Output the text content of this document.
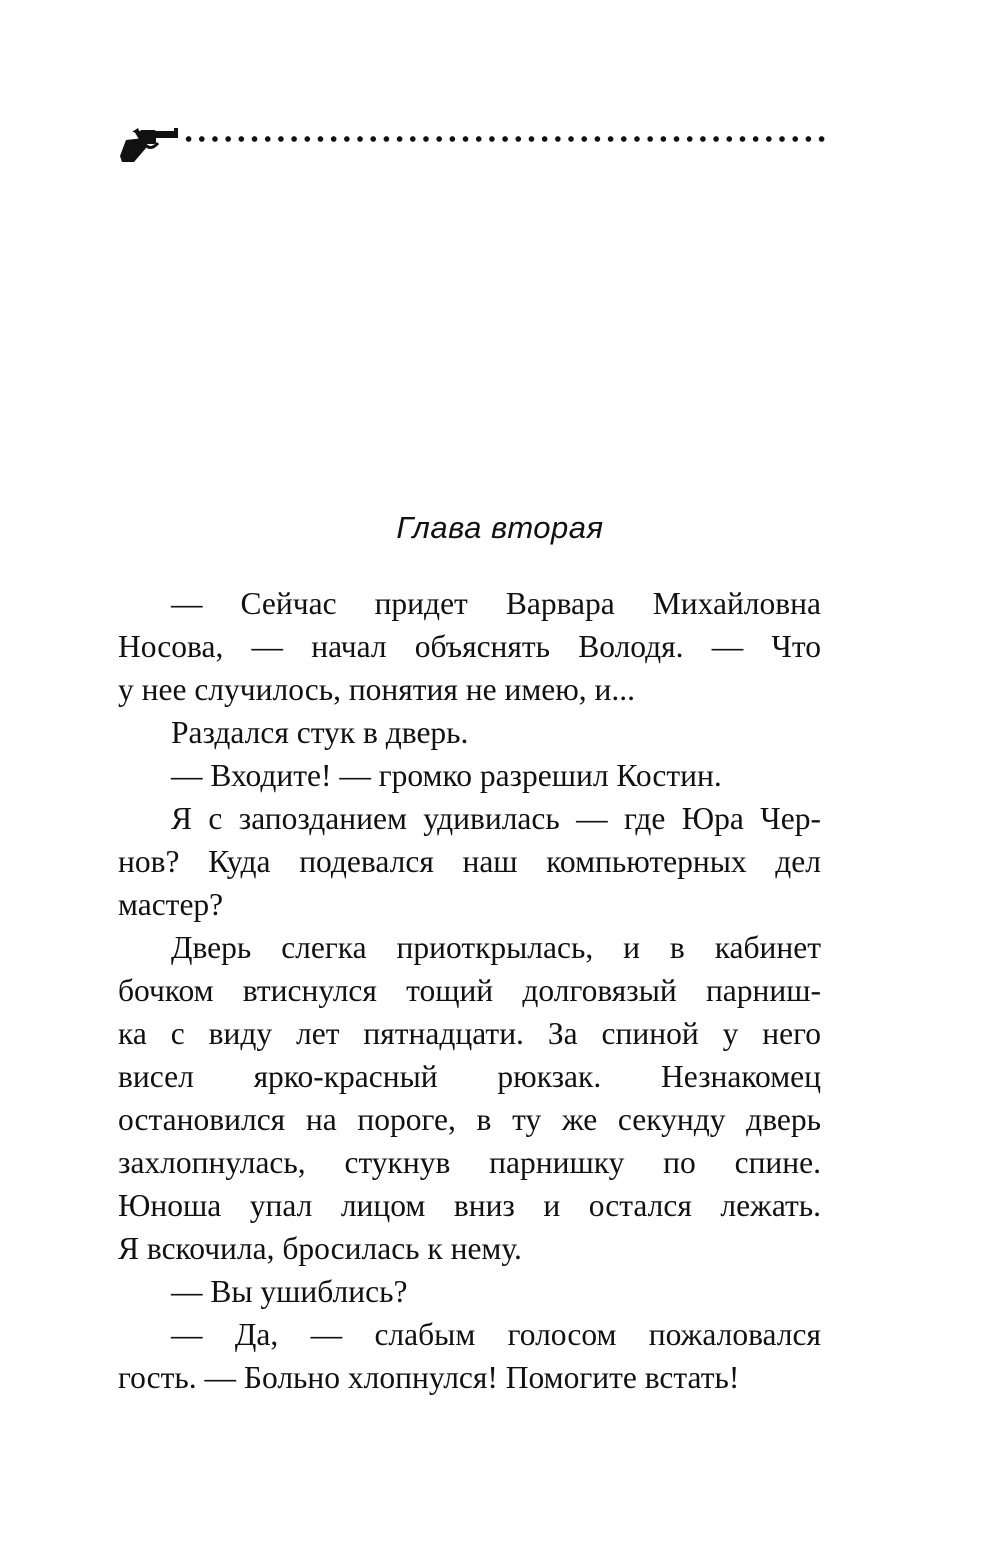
Глава вторая
— Сейчас придет Варвара Михайловна
Носова, — начал объяснять Володя. — Что
у нее случилось, понятия не имею, и...
Раздался стук в дверь.
— Входите! — громко разрешил Костин.
Я с запозданием удивилась — где Юра Чер-
нов? Куда подевался наш компьютерных дел
мастер?
Дверь слегка приоткрылась, и в кабинет
бочком втиснулся тощий долговязый парниш-
ка с виду лет пятнадцати. За спиной у него
висел ярко-красный рюкзак. Незнакомец
остановился на пороге, в ту же секунду дверь
захлопнулась, стукнув парнишку по спине.
Юноша упал лицом вниз и остался лежать.
Я вскочила, бросилась к нему.
— Вы ушиблись?
— Да, — слабым голосом пожаловался
гость. — Больно хлопнулся! Помогите встать!
